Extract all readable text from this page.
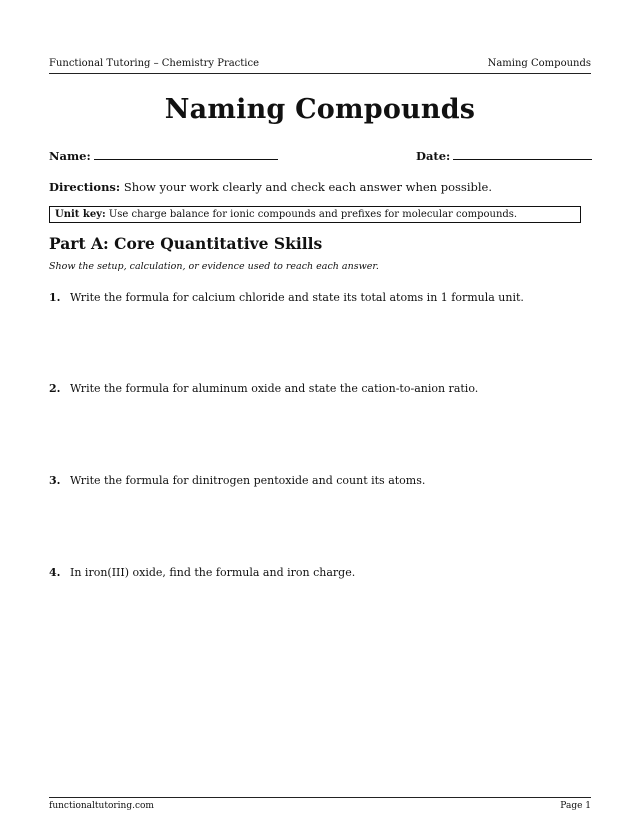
Functional Tutoring – Chemistry Practice	Naming Compounds
Naming Compounds
Name:	Date:
Directions: Show your work clearly and check each answer when possible.
Unit key: Use charge balance for ionic compounds and prefixes for molecular compounds.
Part A: Core Quantitative Skills
Show the setup, calculation, or evidence used to reach each answer.
1. Write the formula for calcium chloride and state its total atoms in 1 formula unit.
2. Write the formula for aluminum oxide and state the cation-to-anion ratio.
3. Write the formula for dinitrogen pentoxide and count its atoms.
4. In iron(III) oxide, find the formula and iron charge.
functionaltutoring.com	Page 1
